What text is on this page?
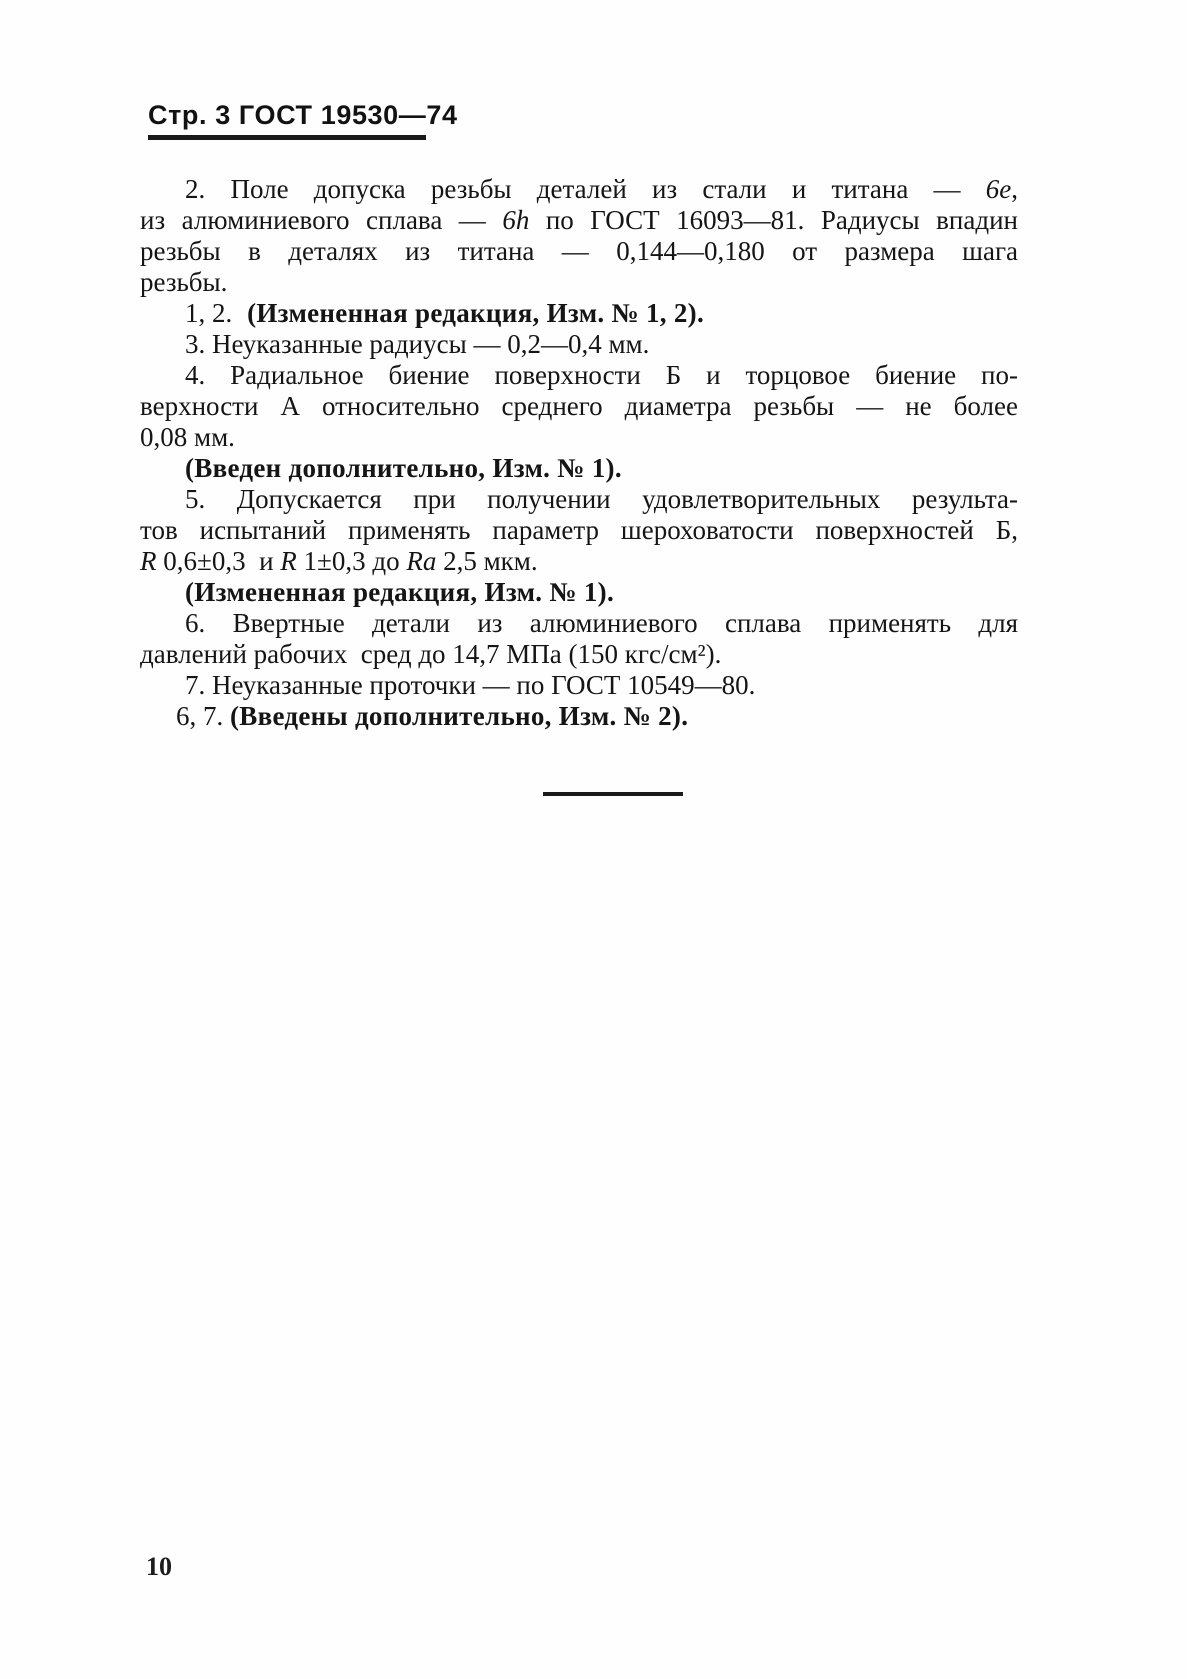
Стр. 3 ГОСТ 19530—74
2. Поле допуска резьбы деталей из стали и титана — 6e,
из алюминиевого сплава — 6h по ГОСТ 16093—81. Радиусы впадин
резьбы в деталях из титана — 0,144—0,180 от размера шага
резьбы.
1, 2. (Измененная редакция, Изм. № 1, 2).
3. Неуказанные радиусы — 0,2—0,4 мм.
4. Радиальное биение поверхности Б и торцовое биение по-
верхности А относительно среднего диаметра резьбы — не более
0,08 мм.
(Введен дополнительно, Изм. № 1).
5. Допускается при получении удовлетворительных результа-
тов испытаний применять параметр шероховатости поверхностей Б,
R 0,6±0,3  и R 1±0,3 до Ra 2,5 мкм.
(Измененная редакция, Изм. № 1).
6. Ввертные детали из алюминиевого сплава применять для
давлений рабочих  сред до 14,7 МПа (150 кгс/см²).
7. Неуказанные проточки — по ГОСТ 10549—80.
6, 7. (Введены дополнительно, Изм. № 2).
10
